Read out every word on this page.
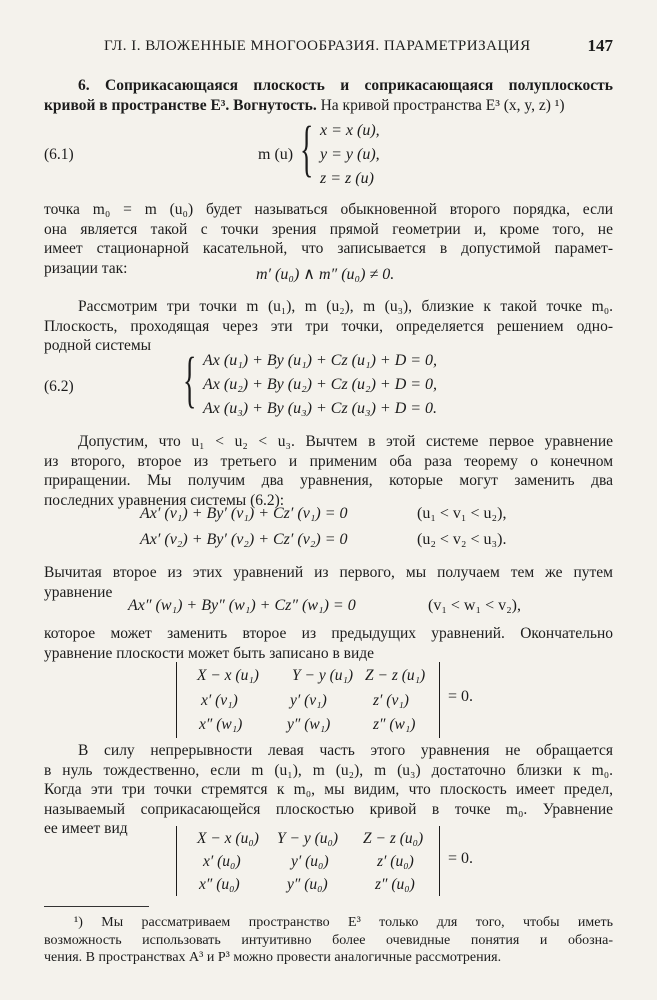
ГЛ. I. ВЛОЖЕННЫЕ МНОГООБРАЗИЯ. ПАРАМЕТРИЗАЦИЯ	147
6. Соприкасающаяся плоскость и соприкасающаяся полуплоскость
кривой в пространстве E³. Вогнутость. На кривой пространства E³ (x, y, z) ¹)
(6.1)	m (u) { x = x (u),
y = y (u),
z = z (u)
точка m₀ = m (u₀) будет называться обыкновенной второго порядка, если
она является такой с точки зрения прямой геометрии и, кроме того, не
имеет стационарной касательной, что записывается в допустимой парамет-
ризации так:	m′ (u₀) ∧ m″ (u₀) ≠ 0.
Рассмотрим три точки m (u₁), m (u₂), m (u₃), близкие к такой точке m₀.
Плоскость, проходящая через эти три точки, определяется решением одно-
родной системы
(6.2) { Ax (u₁) + By (u₁) + Cz (u₁) + D = 0,
Ax (u₂) + By (u₂) + Cz (u₂) + D = 0,
Ax (u₃) + By (u₃) + Cz (u₃) + D = 0.
Допустим, что u₁ < u₂ < u₃. Вычтем в этой системе первое уравнение
из второго, второе из третьего и применим оба раза теорему о конечном
приращении. Мы получим два уравнения, которые могут заменить два
последних уравнения системы (6.2):
Ax′ (v₁) + By′ (v₁) + Cz′ (v₁) = 0	(u₁ < v₁ < u₂),
Ax′ (v₂) + By′ (v₂) + Cz′ (v₂) = 0	(u₂ < v₂ < u₃).
Вычитая второе из этих уравнений из первого, мы получаем тем же путем
уравнение
Ax″ (w₁) + By″ (w₁) + Cz″ (w₁) = 0	(v₁ < w₁ < v₂),
которое может заменить второе из предыдущих уравнений. Окончательно
уравнение плоскости может быть записано в виде
X − x (u₁) Y − y (u₁) Z − z (u₁)
x′ (v₁)	y′ (v₁)	z′ (v₁)
x″ (w₁)	y″ (w₁)	z″ (w₁)
= 0.
В силу непрерывности левая часть этого уравнения не обращается
в нуль тождественно, если m (u₁), m (u₂), m (u₃) достаточно близки к m₀.
Когда эти три точки стремятся к m₀, мы видим, что плоскость имеет предел,
называемый соприкасающейся плоскостью кривой в точке m₀. Уравнение
ее имеет вид
X − x (u₀) Y − y (u₀) Z − z (u₀)
x′ (u₀)	y′ (u₀)	z′ (u₀)
x″ (u₀)	y″ (u₀)	z″ (u₀)
= 0.
¹) Мы рассматриваем пространство E³ только для того, чтобы иметь
возможность использовать интуитивно более очевидные понятия и обозна-
чения. В пространствах A³ и P³ можно провести аналогичные рассмотрения.
